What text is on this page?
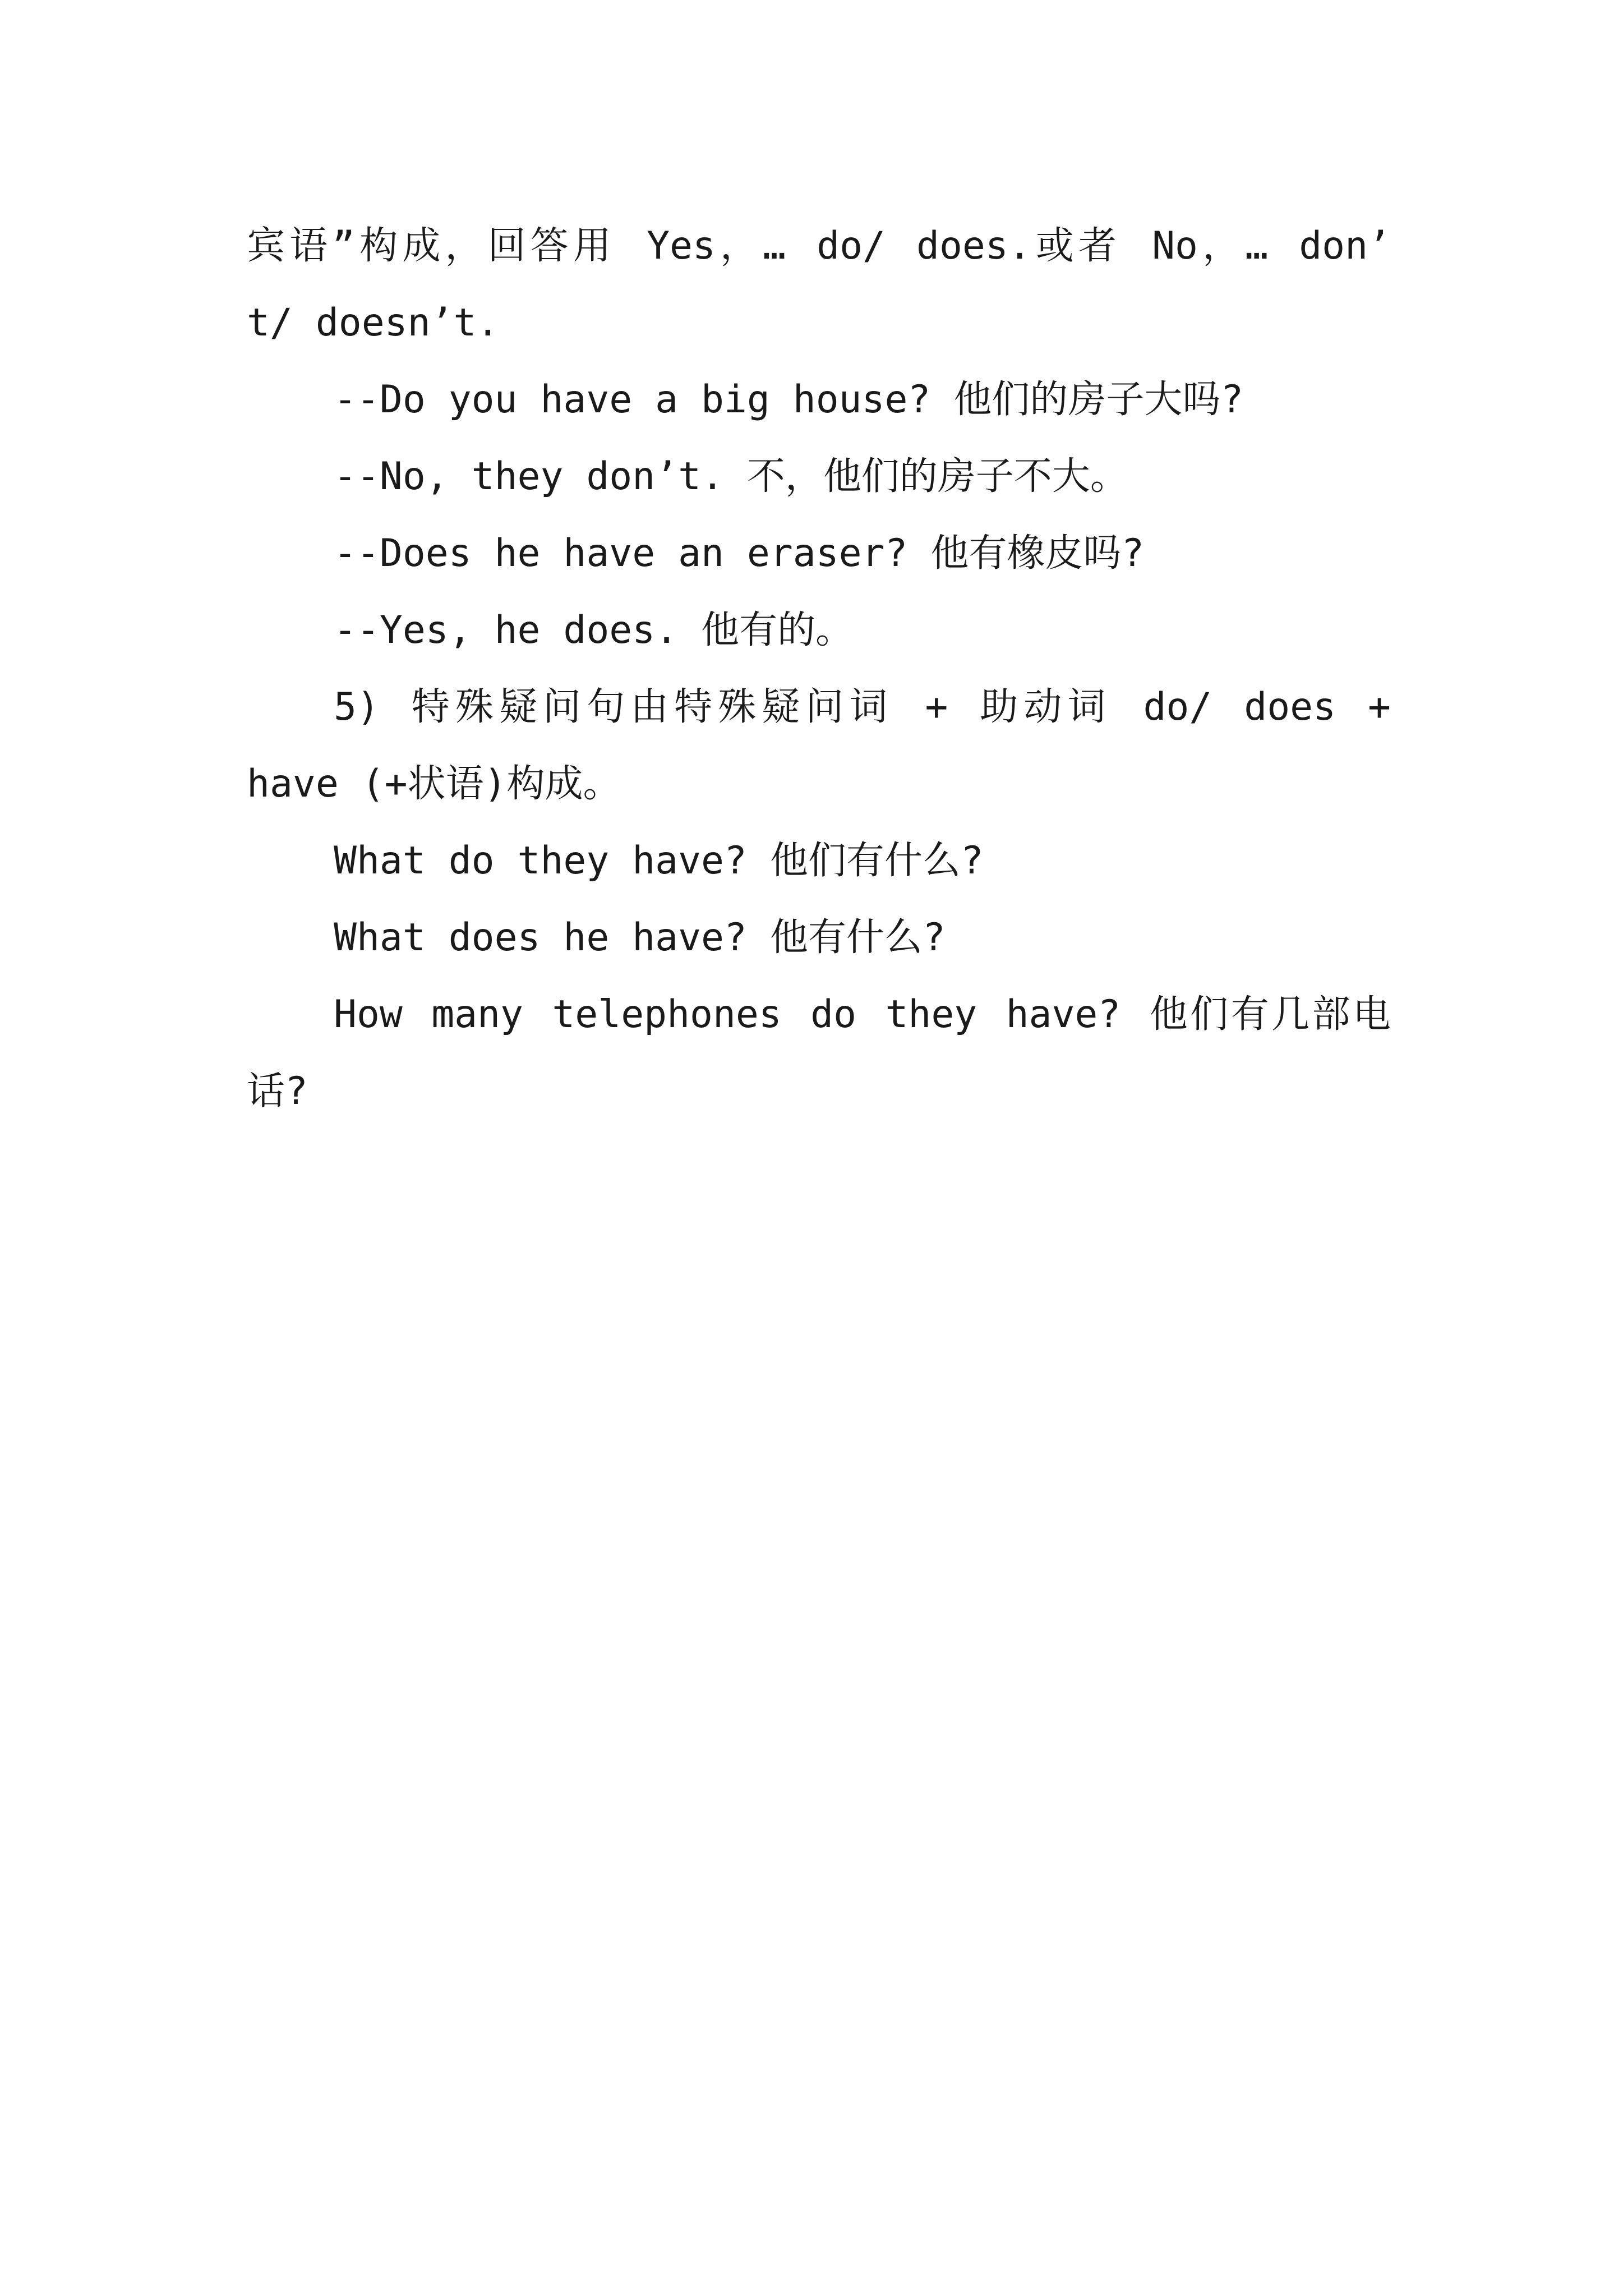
宾语”构成，回答用 Yes，… do/ does.或者 No，… don’
t/ doesn’t.
--Do you have a big house? 他们的房子大吗?
--No, they don’t. 不，他们的房子不大。
--Does he have an eraser? 他有橡皮吗?
--Yes, he does. 他有的。
5) 特殊疑问句由特殊疑问词 + 助动词 do/ does +
have (+状语)构成。
What do they have? 他们有什么?
What does he have? 他有什么?
How many telephones do they have? 他们有几部电
话?
